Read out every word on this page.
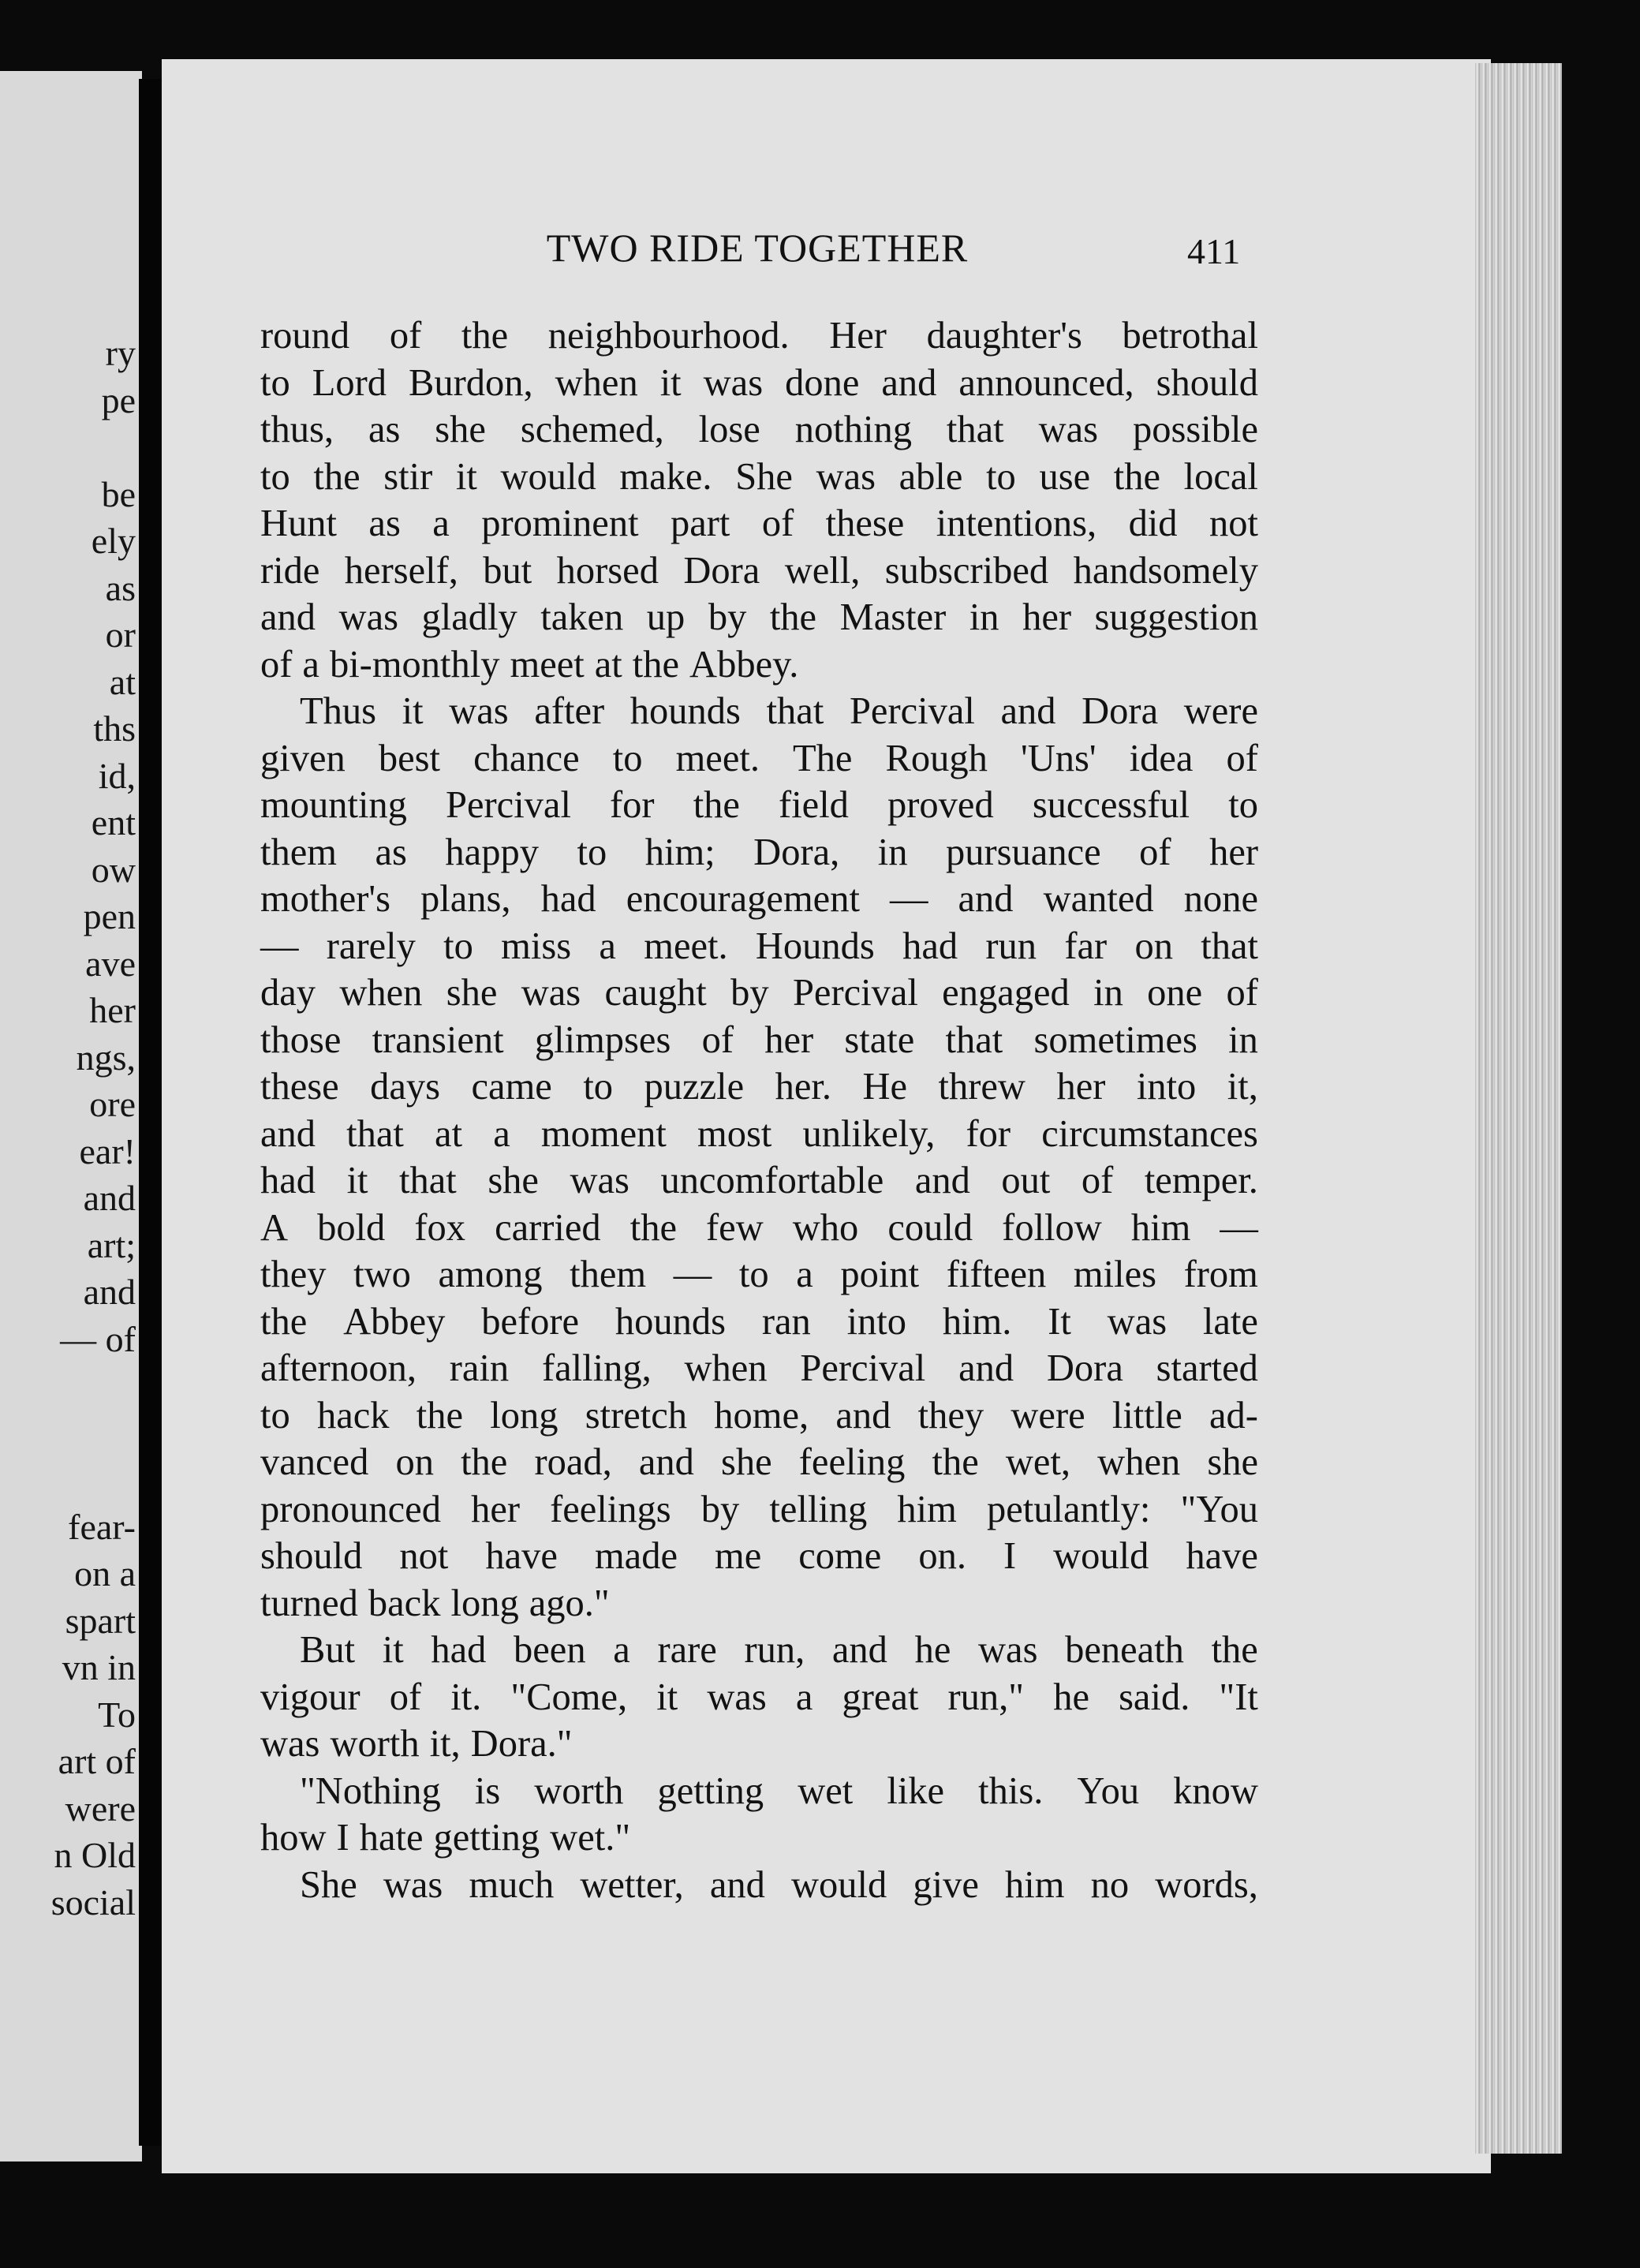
ry
pe
be
ely
as
or
at
ths
id,
ent
ow
pen
ave
her
ngs,
ore
ear!
and
art;
and
— of
fear-
on a
spart
vn in
To
art of
were
n Old
social
TWO RIDE TOGETHER	411
round of the neighbourhood. Her daughter's betrothal
to Lord Burdon, when it was done and announced, should
thus, as she schemed, lose nothing that was possible
to the stir it would make. She was able to use the local
Hunt as a prominent part of these intentions, did not
ride herself, but horsed Dora well, subscribed handsomely
and was gladly taken up by the Master in her suggestion
of a bi-monthly meet at the Abbey.
Thus it was after hounds that Percival and Dora were
given best chance to meet. The Rough 'Uns' idea of
mounting Percival for the field proved successful to
them as happy to him; Dora, in pursuance of her
mother's plans, had encouragement — and wanted none
— rarely to miss a meet. Hounds had run far on that
day when she was caught by Percival engaged in one of
those transient glimpses of her state that sometimes in
these days came to puzzle her. He threw her into it,
and that at a moment most unlikely, for circumstances
had it that she was uncomfortable and out of temper.
A bold fox carried the few who could follow him —
they two among them — to a point fifteen miles from
the Abbey before hounds ran into him. It was late
afternoon, rain falling, when Percival and Dora started
to hack the long stretch home, and they were little ad-
vanced on the road, and she feeling the wet, when she
pronounced her feelings by telling him petulantly: "You
should not have made me come on. I would have
turned back long ago."
But it had been a rare run, and he was beneath the
vigour of it. "Come, it was a great run," he said. "It
was worth it, Dora."
"Nothing is worth getting wet like this. You know
how I hate getting wet."
She was much wetter, and would give him no words,
